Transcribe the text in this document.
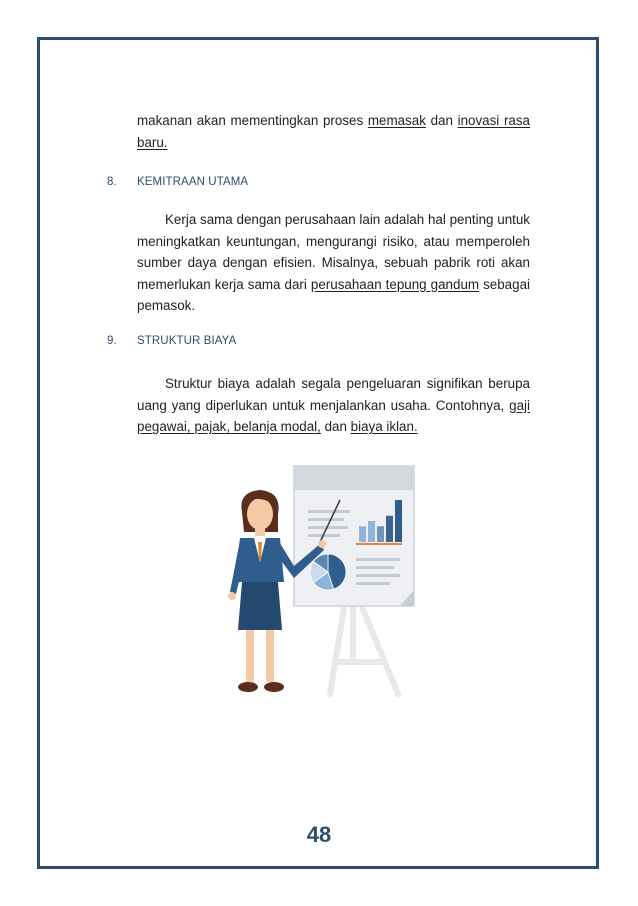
makanan akan mementingkan proses memasak dan inovasi rasa baru.
8. KEMITRAAN UTAMA
Kerja sama dengan perusahaan lain adalah hal penting untuk meningkatkan keuntungan, mengurangi risiko, atau memperoleh sumber daya dengan efisien. Misalnya, sebuah pabrik roti akan memerlukan kerja sama dari perusahaan tepung gandum sebagai pemasok.
9. STRUKTUR BIAYA
Struktur biaya adalah segala pengeluaran signifikan berupa uang yang diperlukan untuk menjalankan usaha. Contohnya, gaji pegawai, pajak, belanja modal, dan biaya iklan.
48
